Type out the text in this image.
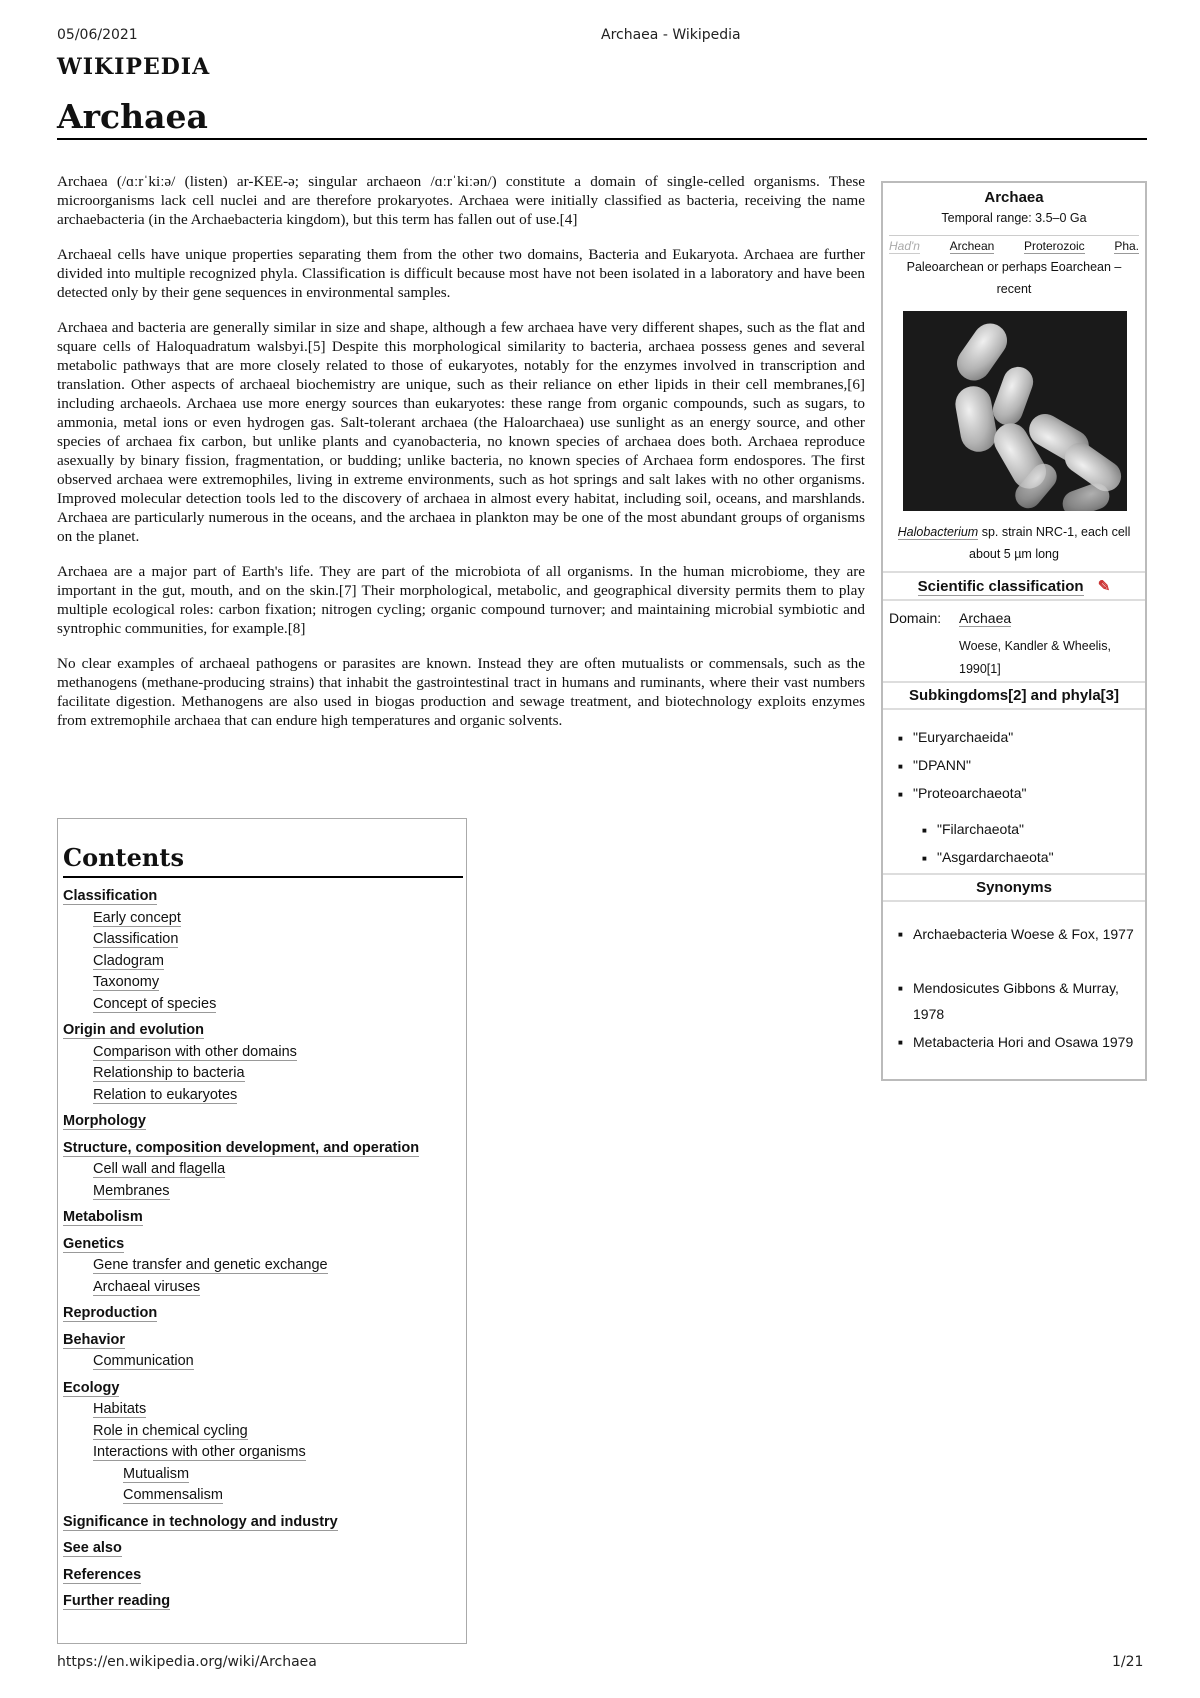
05/06/2021	Archaea - Wikipedia
WIKIPEDIA
Archaea

Archaea (/ɑːrˈkiːə/ (listen) ar-KEE-ə; singular archaeon /ɑːrˈkiːən/) constitute a domain of single-celled organisms. These microorganisms lack cell nuclei and are therefore prokaryotes. Archaea were initially classified as bacteria, receiving the name archaebacteria (in the Archaebacteria kingdom), but this term has fallen out of use.[4]

Archaeal cells have unique properties separating them from the other two domains, Bacteria and Eukaryota. Archaea are further divided into multiple recognized phyla. Classification is difficult because most have not been isolated in a laboratory and have been detected only by their gene sequences in environmental samples.

Archaea and bacteria are generally similar in size and shape, although a few archaea have very different shapes, such as the flat and square cells of Haloquadratum walsbyi.[5] Despite this morphological similarity to bacteria, archaea possess genes and several metabolic pathways that are more closely related to those of eukaryotes, notably for the enzymes involved in transcription and translation. Other aspects of archaeal biochemistry are unique, such as their reliance on ether lipids in their cell membranes,[6] including archaeols. Archaea use more energy sources than eukaryotes: these range from organic compounds, such as sugars, to ammonia, metal ions or even hydrogen gas. Salt-tolerant archaea (the Haloarchaea) use sunlight as an energy source, and other species of archaea fix carbon, but unlike plants and cyanobacteria, no known species of archaea does both. Archaea reproduce asexually by binary fission, fragmentation, or budding; unlike bacteria, no known species of Archaea form endospores. The first observed archaea were extremophiles, living in extreme environments, such as hot springs and salt lakes with no other organisms. Improved molecular detection tools led to the discovery of archaea in almost every habitat, including soil, oceans, and marshlands. Archaea are particularly numerous in the oceans, and the archaea in plankton may be one of the most abundant groups of organisms on the planet.

Archaea are a major part of Earth's life. They are part of the microbiota of all organisms. In the human microbiome, they are important in the gut, mouth, and on the skin.[7] Their morphological, metabolic, and geographical diversity permits them to play multiple ecological roles: carbon fixation; nitrogen cycling; organic compound turnover; and maintaining microbial symbiotic and syntrophic communities, for example.[8]

No clear examples of archaeal pathogens or parasites are known. Instead they are often mutualists or commensals, such as the methanogens (methane-producing strains) that inhabit the gastrointestinal tract in humans and ruminants, where their vast numbers facilitate digestion. Methanogens are also used in biogas production and sewage treatment, and biotechnology exploits enzymes from extremophile archaea that can endure high temperatures and organic solvents.

Contents
Classification
Early concept
Classification
Cladogram
Taxonomy
Concept of species
Origin and evolution
Comparison with other domains
Relationship to bacteria
Relation to eukaryotes
Morphology
Structure, composition development, and operation
Cell wall and flagella
Membranes
Metabolism
Genetics
Gene transfer and genetic exchange
Archaeal viruses
Reproduction
Behavior
Communication
Ecology
Habitats
Role in chemical cycling
Interactions with other organisms
Mutualism
Commensalism
Significance in technology and industry
See also
References
Further reading
Archaea
Temporal range: 3.5–0 Ga
Had'n Archean Proterozoic Pha.
Paleoarchean or perhaps Eoarchean – recent
Halobacterium sp. strain NRC-1, each cell about 5 µm long
Scientific classification ✎
Domain: Archaea
Woese, Kandler & Wheelis, 1990[1]
Subkingdoms[2] and phyla[3]
■ "Euryarchaeida"
■ "DPANN"
■ "Proteoarchaeota"
■ "Filarchaeota"
■ "Asgardarchaeota"
Synonyms
■ Archaebacteria Woese & Fox, 1977
■ Mendosicutes Gibbons & Murray, 1978
■ Metabacteria Hori and Osawa 1979
https://en.wikipedia.org/wiki/Archaea	1/21
